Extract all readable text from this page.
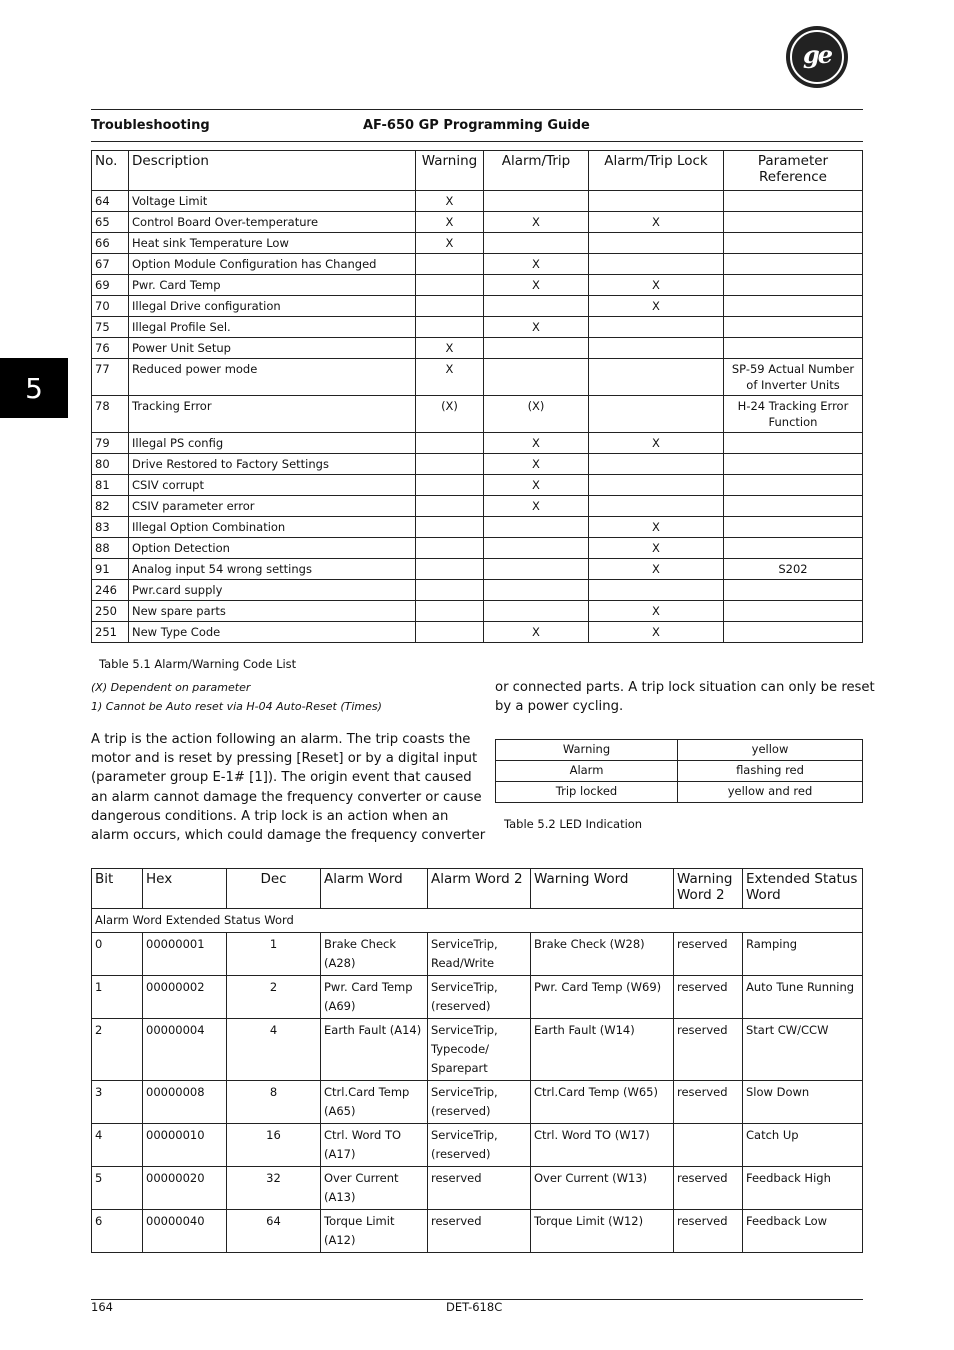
ge
Troubleshooting	AF-650 GP Programming Guide
5
No.	Description	Warning	Alarm/Trip	Alarm/Trip Lock	Parameter Reference
64	Voltage Limit	X			
65	Control Board Over-temperature	X	X	X	
66	Heat sink Temperature Low	X			
67	Option Module Configuration has Changed		X		
69	Pwr. Card Temp		X	X	
70	Illegal Drive configuration			X	
75	Illegal Profile Sel.		X		
76	Power Unit Setup	X			
77	Reduced power mode	X			SP-59 Actual Number of Inverter Units
78	Tracking Error	(X)	(X)		H-24 Tracking Error Function
79	Illegal PS config		X	X	
80	Drive Restored to Factory Settings		X		
81	CSIV corrupt		X		
82	CSIV parameter error		X		
83	Illegal Option Combination			X	
88	Option Detection			X	
91	Analog input 54 wrong settings			X	S202
246	Pwr.card supply				
250	New spare parts			X	
251	New Type Code		X	X	
Table 5.1 Alarm/Warning Code List
(X) Dependent on parameter
1) Cannot be Auto reset via H-04 Auto-Reset (Times)
A trip is the action following an alarm. The trip coasts the
motor and is reset by pressing [Reset] or by a digital input
(parameter group E-1# [1]). The origin event that caused
an alarm cannot damage the frequency converter or cause
dangerous conditions. A trip lock is an action when an
alarm occurs, which could damage the frequency converter
or connected parts. A trip lock situation can only be reset
by a power cycling.
Warning	yellow
Alarm	flashing red
Trip locked	yellow and red
Table 5.2 LED Indication
Bit	Hex	Dec	Alarm Word	Alarm Word 2	Warning Word	Warning Word 2	Extended Status Word
Alarm Word Extended Status Word							
0	00000001	1	Brake Check (A28)	ServiceTrip, Read/Write	Brake Check (W28)	reserved	Ramping
1	00000002	2	Pwr. Card Temp (A69)	ServiceTrip, (reserved)	Pwr. Card Temp (W69)	reserved	Auto Tune Running
2	00000004	4	Earth Fault (A14)	ServiceTrip, Typecode/ Sparepart	Earth Fault (W14)	reserved	Start CW/CCW
3	00000008	8	Ctrl.Card Temp (A65)	ServiceTrip, (reserved)	Ctrl.Card Temp (W65)	reserved	Slow Down
4	00000010	16	Ctrl. Word TO (A17)	ServiceTrip, (reserved)	Ctrl. Word TO (W17)		Catch Up
5	00000020	32	Over Current (A13)	reserved	Over Current (W13)	reserved	Feedback High
6	00000040	64	Torque Limit (A12)	reserved	Torque Limit (W12)	reserved	Feedback Low
164	DET-618C
